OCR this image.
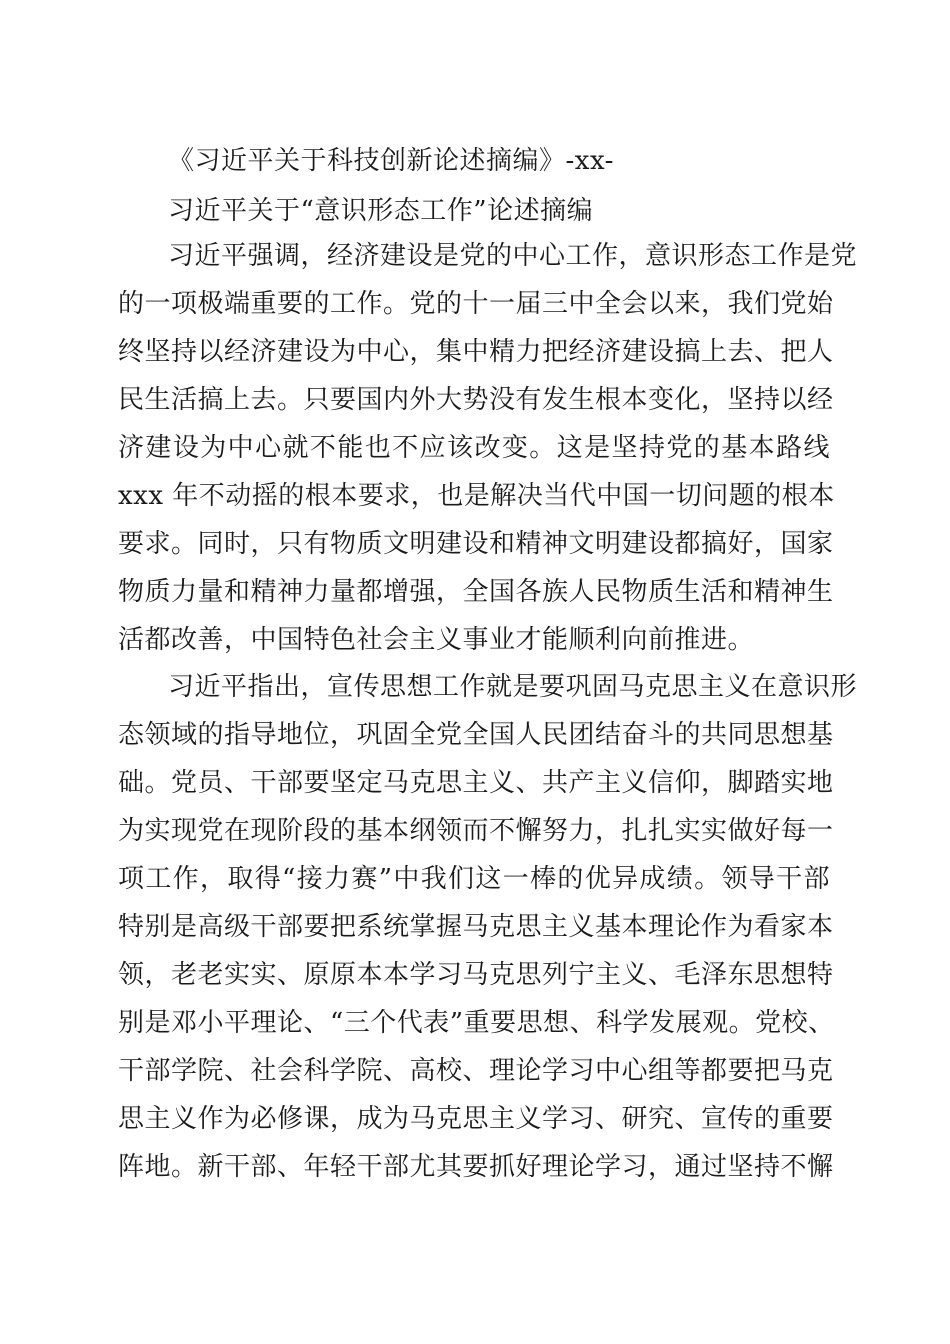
《习近平关于科技创新论述摘编》-xx-
习近平关于“意识形态工作”论述摘编
习近平强调，经济建设是党的中心工作，意识形态工作是党
的一项极端重要的工作。党的十一届三中全会以来，我们党始
终坚持以经济建设为中心，集中精力把经济建设搞上去、把人
民生活搞上去。只要国内外大势没有发生根本变化，坚持以经
济建设为中心就不能也不应该改变。这是坚持党的基本路线
xxx 年不动摇的根本要求，也是解决当代中国一切问题的根本
要求。同时，只有物质文明建设和精神文明建设都搞好，国家
物质力量和精神力量都增强，全国各族人民物质生活和精神生
活都改善，中国特色社会主义事业才能顺利向前推进。
习近平指出，宣传思想工作就是要巩固马克思主义在意识形
态领域的指导地位，巩固全党全国人民团结奋斗的共同思想基
础。党员、干部要坚定马克思主义、共产主义信仰，脚踏实地
为实现党在现阶段的基本纲领而不懈努力，扎扎实实做好每一
项工作，取得“接力赛”中我们这一棒的优异成绩。领导干部
特别是高级干部要把系统掌握马克思主义基本理论作为看家本
领，老老实实、原原本本学习马克思列宁主义、毛泽东思想特
别是邓小平理论、“三个代表”重要思想、科学发展观。党校、
干部学院、社会科学院、高校、理论学习中心组等都要把马克
思主义作为必修课，成为马克思主义学习、研究、宣传的重要
阵地。新干部、年轻干部尤其要抓好理论学习，通过坚持不懈
